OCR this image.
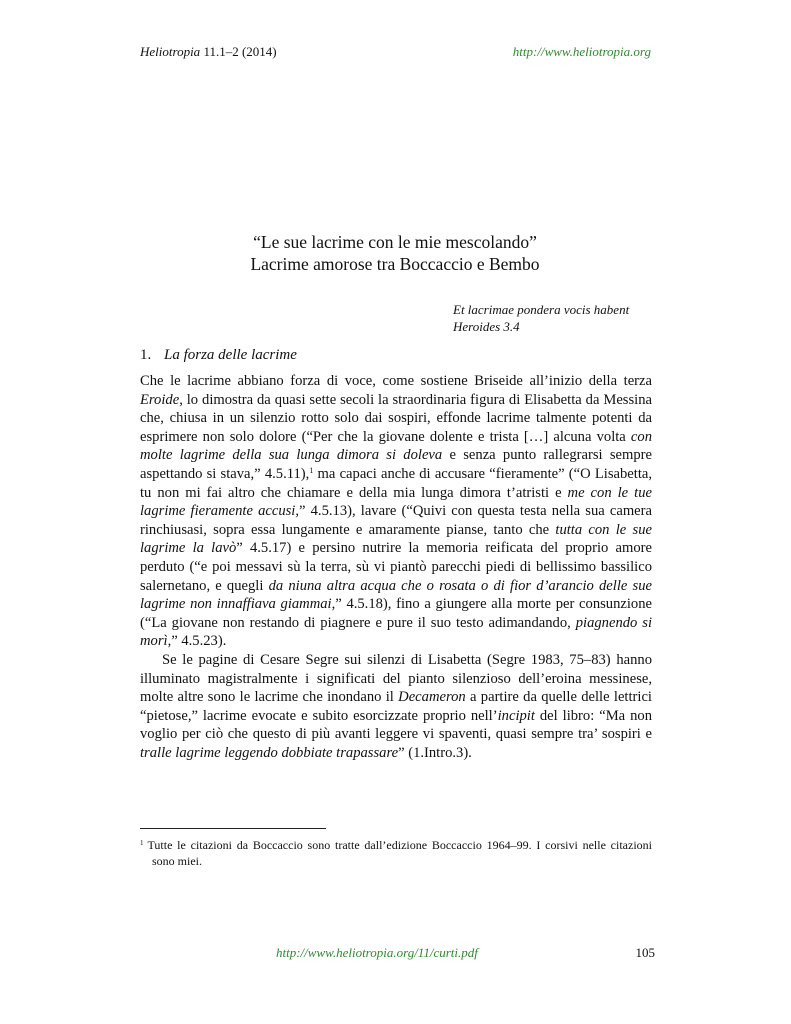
Heliotropia 11.1–2 (2014)	http://www.heliotropia.org
“Le sue lacrime con le mie mescolando”
Lacrime amorose tra Boccaccio e Bembo
Et lacrimae pondera vocis habent
Heroides 3.4
1. La forza delle lacrime

Che le lacrime abbiano forza di voce, come sostiene Briseide all’inizio della terza Eroide, lo dimostra da quasi sette secoli la straordinaria figura di Elisabetta da Messina che, chiusa in un silenzio rotto solo dai sospiri, effonde lacrime talmente potenti da esprimere non solo dolore (“Per che la giovane dolente e trista […] alcuna volta con molte lagrime della sua lunga dimora si doleva e senza punto rallegrarsi sempre aspettando si stava,” 4.5.11),$^1$ ma capaci anche di accusare “fieramente” (“O Lisabetta, tu non mi fai altro che chiamare e della mia lunga dimora t’atristi e me con le tue lagrime fieramente accusi,” 4.5.13), lavare (“Quivi con questa testa nella sua camera rinchiusasi, sopra essa lungamente e amaramente pianse, tanto che tutta con le sue lagrime la lavò” 4.5.17) e persino nutrire la memoria reificata del proprio amore perduto (“e poi messavi sù la terra, sù vi piantò parecchi piedi di bellissimo bassilico salernetano, e quegli da niuna altra acqua che o rosata o di fior d’arancio delle sue lagrime non innaffiava giammai,” 4.5.18), fino a giungere alla morte per consunzione (“La giovane non restando di piagnere e pure il suo testo adimandando, piagnendo si morì,” 4.5.23).

Se le pagine di Cesare Segre sui silenzi di Lisabetta (Segre 1983, 75–83) hanno illuminato magistralmente i significati del pianto silenzioso dell’eroina messinese, molte altre sono le lacrime che inondano il Decameron a partire da quelle delle lettrici “pietose,” lacrime evocate e subito esorcizzate proprio nell’incipit del libro: “Ma non voglio per ciò che questo di più avanti leggere vi spaventi, quasi sempre tra’ sospiri e tralle lagrime leggendo dobbiate trapassare” (1.Intro.3).

$^1$ Tutte le citazioni da Boccaccio sono tratte dall’edizione Boccaccio 1964–99. I corsivi nelle citazioni sono miei.
http://www.heliotropia.org/11/curti.pdf	105
